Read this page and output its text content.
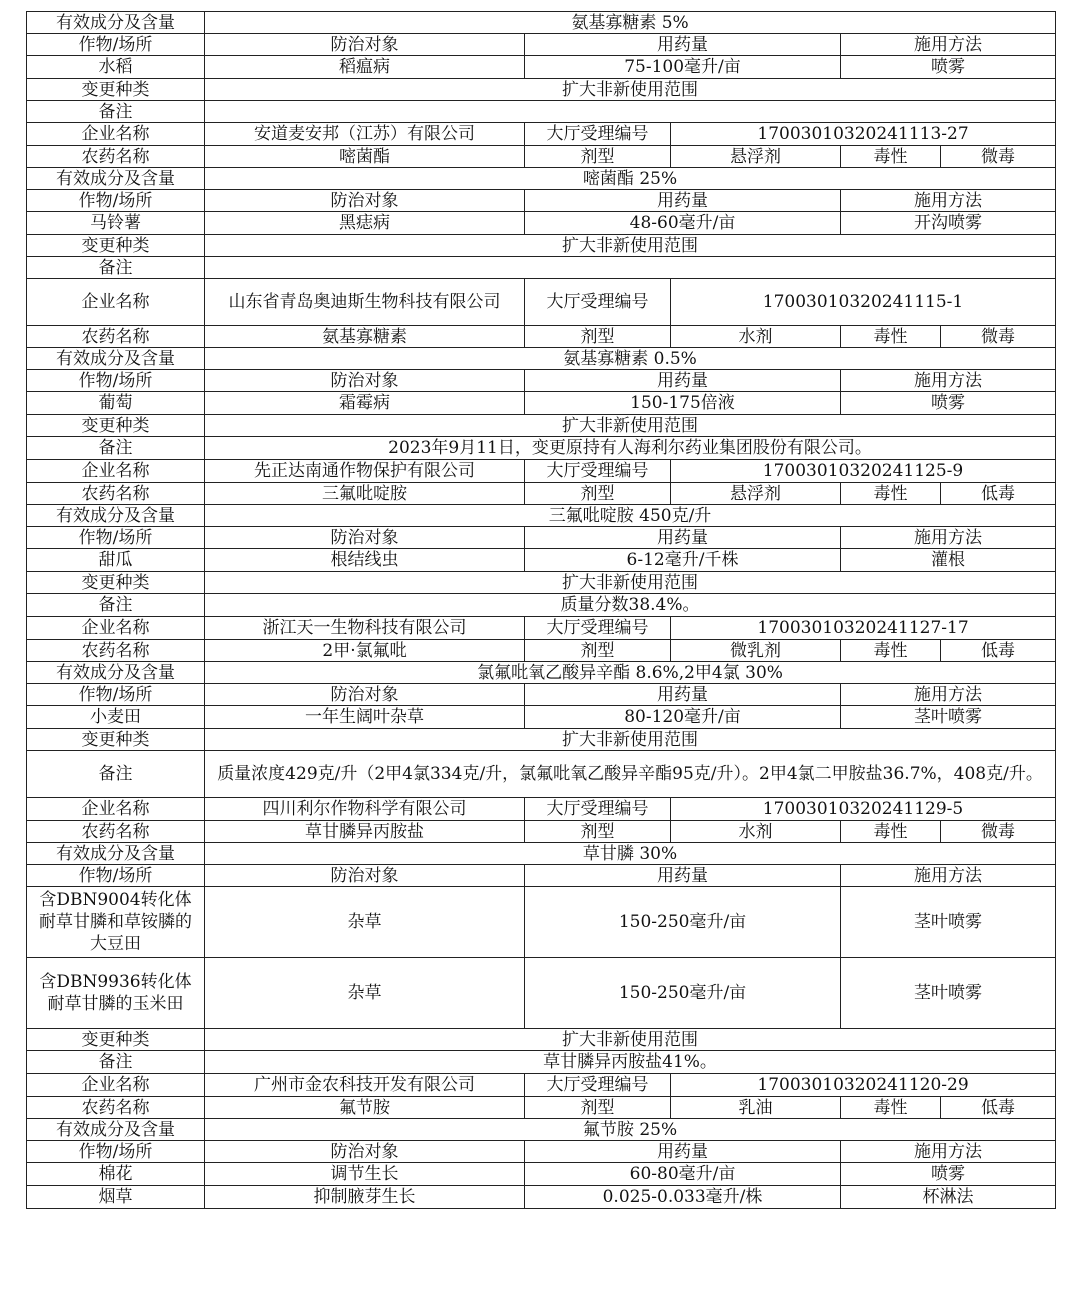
有效成分及含量	氨基寡糖素 5%				
作物/场所	防治对象	用药量		施用方法	
水稻	稻瘟病	75-100毫升/亩		喷雾	
变更种类	扩大非新使用范围				
备注					
企业名称	安道麦安邦（江苏）有限公司	大厅受理编号	17003010320241113-27		
农药名称	嘧菌酯	剂型	悬浮剂	毒性	微毒
有效成分及含量	嘧菌酯 25%				
作物/场所	防治对象	用药量		施用方法	
马铃薯	黑痣病	48-60毫升/亩		开沟喷雾	
变更种类	扩大非新使用范围				
备注					
企业名称	山东省青岛奥迪斯生物科技有限公司	大厅受理编号	17003010320241115-1		
农药名称	氨基寡糖素	剂型	水剂	毒性	微毒
有效成分及含量	氨基寡糖素 0.5%				
作物/场所	防治对象	用药量		施用方法	
葡萄	霜霉病	150-175倍液		喷雾	
变更种类	扩大非新使用范围				
备注	2023年9月11日，变更原持有人海利尔药业集团股份有限公司。				
企业名称	先正达南通作物保护有限公司	大厅受理编号	17003010320241125-9		
农药名称	三氟吡啶胺	剂型	悬浮剂	毒性	低毒
有效成分及含量	三氟吡啶胺 450克/升				
作物/场所	防治对象	用药量		施用方法	
甜瓜	根结线虫	6-12毫升/千株		灌根	
变更种类	扩大非新使用范围				
备注	质量分数38.4%。				
企业名称	浙江天一生物科技有限公司	大厅受理编号	17003010320241127-17		
农药名称	2甲·氯氟吡	剂型	微乳剂	毒性	低毒
有效成分及含量	氯氟吡氧乙酸异辛酯 8.6%,2甲4氯 30%				
作物/场所	防治对象	用药量		施用方法	
小麦田	一年生阔叶杂草	80-120毫升/亩		茎叶喷雾	
变更种类	扩大非新使用范围				
备注	质量浓度429克/升（2甲4氯334克/升，氯氟吡氧乙酸异辛酯95克/升）。2甲4氯二甲胺盐36.7%，408克/升。				
企业名称	四川利尔作物科学有限公司	大厅受理编号	17003010320241129-5		
农药名称	草甘膦异丙胺盐	剂型	水剂	毒性	微毒
有效成分及含量	草甘膦 30%				
作物/场所	防治对象	用药量		施用方法	
含DBN9004转化体耐草甘膦和草铵膦的大豆田	杂草	150-250毫升/亩		茎叶喷雾	
含DBN9936转化体耐草甘膦的玉米田	杂草	150-250毫升/亩		茎叶喷雾	
变更种类	扩大非新使用范围				
备注	草甘膦异丙胺盐41%。				
企业名称	广州市金农科技开发有限公司	大厅受理编号	17003010320241120-29		
农药名称	氟节胺	剂型	乳油	毒性	低毒
有效成分及含量	氟节胺 25%				
作物/场所	防治对象	用药量		施用方法	
棉花	调节生长	60-80毫升/亩		喷雾	
烟草	抑制腋芽生长	0.025-0.033毫升/株		杯淋法	
